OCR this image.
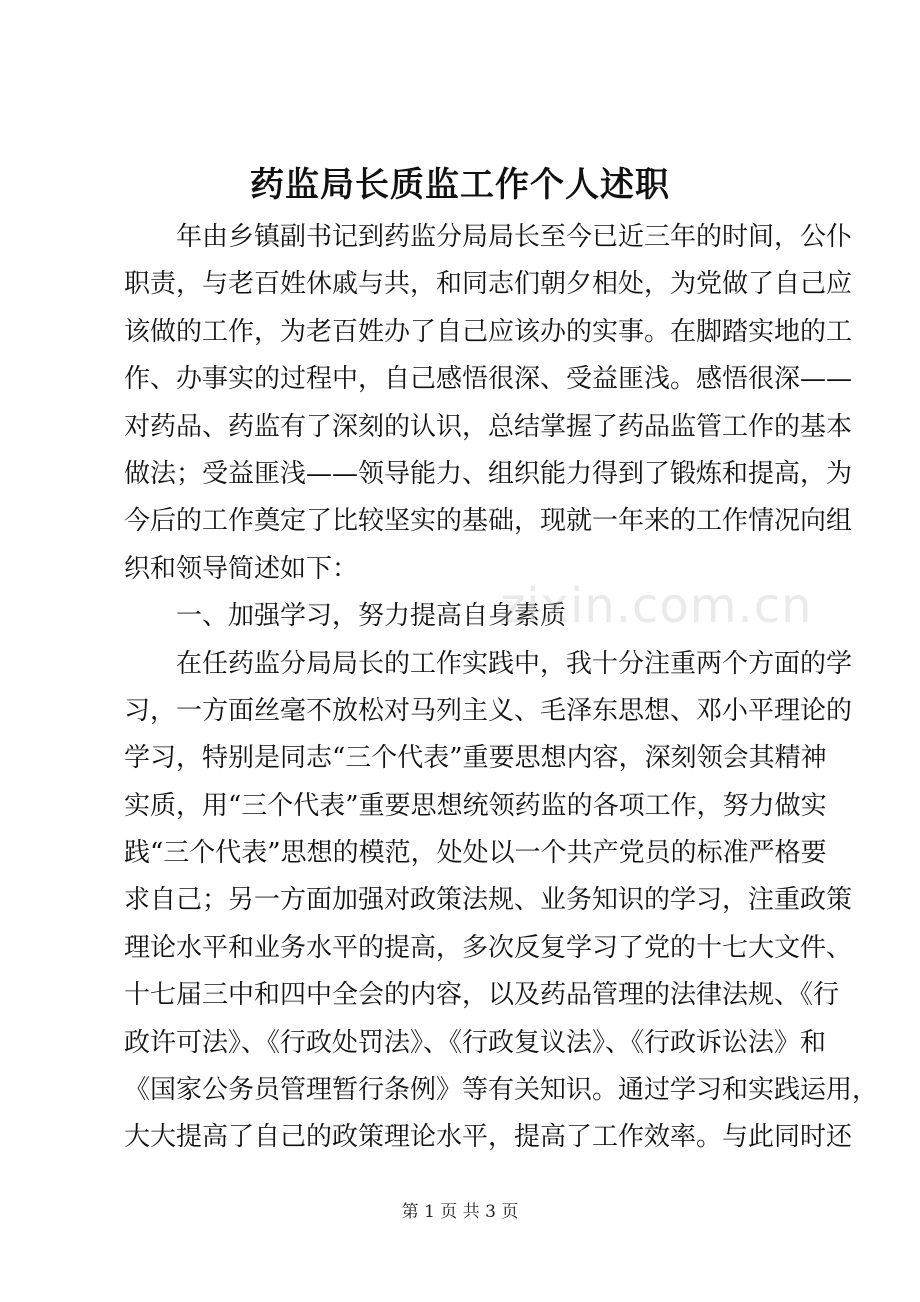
药监局长质监工作个人述职
　　年由乡镇副书记到药监分局局长至今已近三年的时间，公仆
职责，与老百姓休戚与共，和同志们朝夕相处，为党做了自己应
该做的工作，为老百姓办了自己应该办的实事。在脚踏实地的工
作、办事实的过程中，自己感悟很深、受益匪浅。感悟很深——
对药品、药监有了深刻的认识，总结掌握了药品监管工作的基本
做法；受益匪浅——领导能力、组织能力得到了锻炼和提高，为
今后的工作奠定了比较坚实的基础，现就一年来的工作情况向组
织和领导简述如下：
　　一、加强学习，努力提高自身素质
　　在任药监分局局长的工作实践中，我十分注重两个方面的学
习，一方面丝毫不放松对马列主义、毛泽东思想、邓小平理论的
学习，特别是同志“三个代表”重要思想内容，深刻领会其精神
实质，用“三个代表”重要思想统领药监的各项工作，努力做实
践“三个代表”思想的模范，处处以一个共产党员的标准严格要
求自己；另一方面加强对政策法规、业务知识的学习，注重政策
理论水平和业务水平的提高，多次反复学习了党的十七大文件、
十七届三中和四中全会的内容，以及药品管理的法律法规、《行
政许可法》、《行政处罚法》、《行政复议法》、《行政诉讼法》和
《国家公务员管理暂行条例》等有关知识。通过学习和实践运用，
大大提高了自己的政策理论水平，提高了工作效率。与此同时还
zixin.com.cn
第 1 页 共 3 页
